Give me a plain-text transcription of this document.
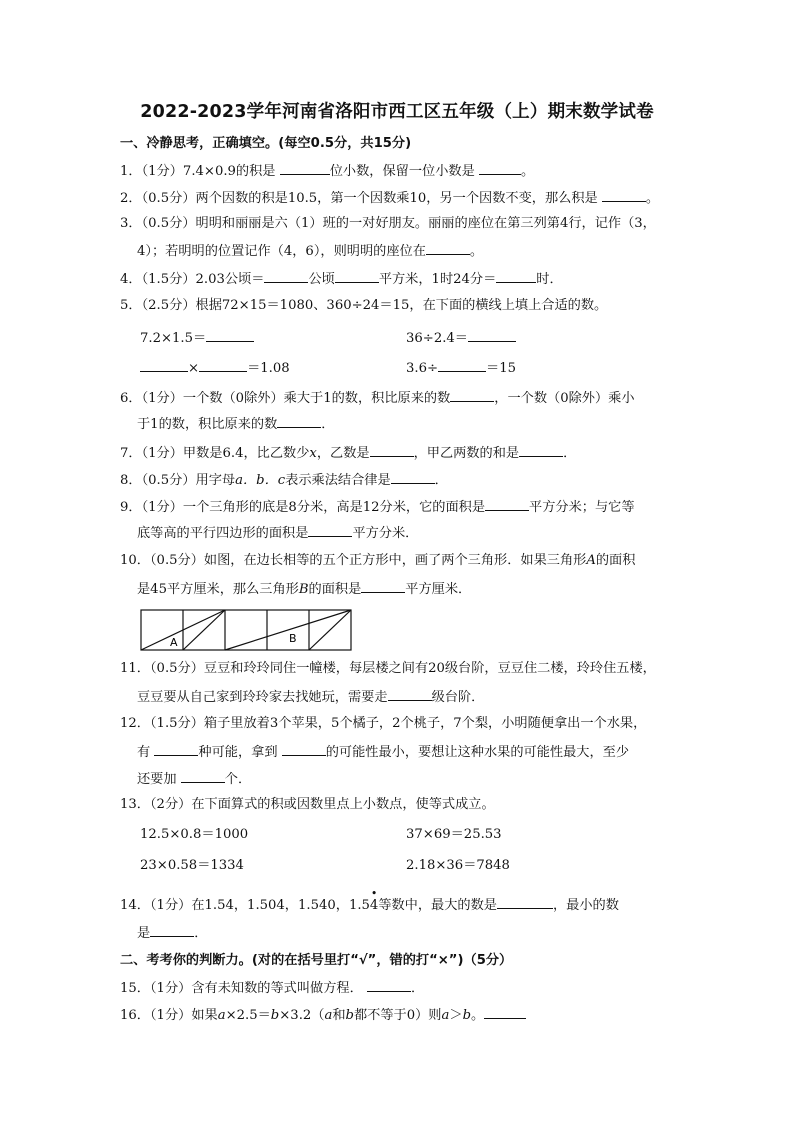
2022-2023学年河南省洛阳市西工区五年级（上）期末数学试卷
一、冷静思考，正确填空。(每空0.5分，共15分)
1．（1分）7.4×0.9的积是	位小数，保留一位小数是	。
2．（0.5分）两个因数的积是10.5，第一个因数乘10，另一个因数不变，那么积是	。
3．（0.5分）明明和丽丽是六（1）班的一对好朋友。丽丽的座位在第三列第4行，记作（3，
4）；若明明的位置记作（4，6），则明明的座位在	。
4．（1.5分）2.03公顷＝	公顷	平方米，1时24分＝	时．
5．（2.5分）根据72×15＝1080、360÷24＝15，在下面的横线上填上合适的数。
7.2×1.5＝	36÷2.4＝
×	＝1.08	3.6÷	＝15
6．（1分）一个数（0除外）乘大于1的数，积比原来的数	，一个数（0除外）乘小
于1的数，积比原来的数	．
7．（1分）甲数是6.4，比乙数少x，乙数是	，甲乙两数的和是	．
8．（0.5分）用字母a．b．c表示乘法结合律是	．
9．（1分）一个三角形的底是8分米，高是12分米，它的面积是	平方分米；与它等
底等高的平行四边形的面积是	平方分米．
10．（0.5分）如图，在边长相等的五个正方形中，画了两个三角形．如果三角形A的面积
是45平方厘米，那么三角形B的面积是	平方厘米．
A	B
11．（0.5分）豆豆和玲玲同住一幢楼，每层楼之间有20级台阶，豆豆住二楼，玲玲住五楼，
豆豆要从自己家到玲玲家去找她玩，需要走	级台阶．
12．（1.5分）箱子里放着3个苹果，5个橘子，2个桃子，7个梨，小明随便拿出一个水果，
有	种可能，拿到	的可能性最小，要想让这种水果的可能性最大，至少
还要加	个．
13．（2分）在下面算式的积或因数里点上小数点，使等式成立。
12.5×0.8＝1000	37×69＝25.53
23×0.58＝1334	2.18×36＝7848
14．（1分）在1.54，1.504，1.540，1.5
•
4等数中，最大的数是	，最小的数
是	．
二、考考你的判断力。(对的在括号里打“√”，错的打“×”)（5分）
15．（1分）含有未知数的等式叫做方程．	．
16．（1分）如果a×2.5＝b×3.2（a和b都不等于0）则a＞b。
